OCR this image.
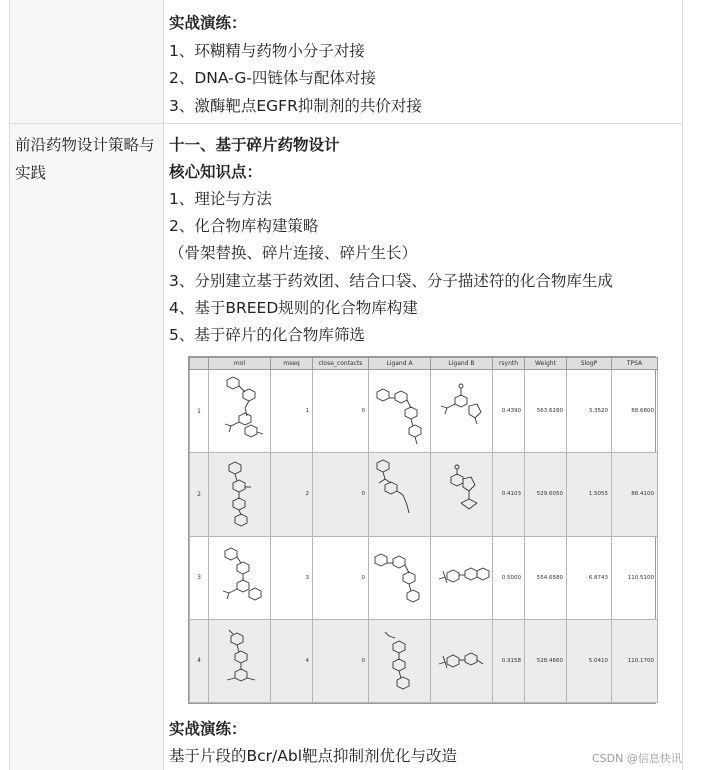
前沿药物设计策略与实践
实战演练：
1、环糊精与药物小分子对接
2、DNA-G-四链体与配体对接
3、激酶靶点EGFR抑制剂的共价对接
十一、基于碎片药物设计
核心知识点：
1、理论与方法
2、化合物库构建策略
（骨架替换、碎片连接、碎片生长）
3、分别建立基于药效团、结合口袋、分子描述符的化合物库生成
4、基于BREED规则的化合物库构建
5、基于碎片的化合物库筛选
	mol	mseq	close_contacts	Ligand A	Ligand B	rsynth	Weight	SlogP	TPSA
1		1	0			0.4390	563.6280	3.3520	88.6800
2		2	0			0.4103	529.6050	1.5055	88.4100
3		3	0			0.5000	554.6580	6.8743	110.5100
4		4	0			0.3158	528.4660	5.0410	110.1700
实战演练：
基于片段的Bcr/Abl靶点抑制剂优化与改造	CSDN @信息快讯
